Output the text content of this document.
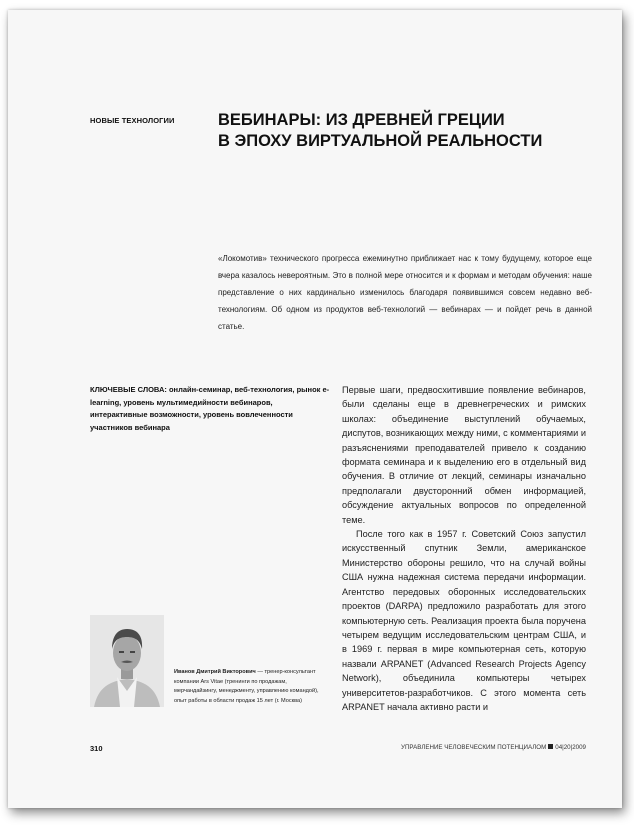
НОВЫЕ ТЕХНОЛОГИИ	ВЕБИНАРЫ: ИЗ ДРЕВНЕЙ ГРЕЦИИ
В ЭПОХУ ВИРТУАЛЬНОЙ РЕАЛЬНОСТИ
«Локомотив» технического прогресса ежеминутно приближает нас к тому будущему, которое еще вчера казалось невероятным. Это в полной мере относится и к формам и методам обучения: наше представление о них кардинально изменилось благодаря появившимся совсем недавно веб-технологиям. Об одном из продуктов веб-технологий — вебинарах — и пойдет речь в данной статье.
КЛЮЧЕВЫЕ СЛОВА: онлайн-семинар, веб-технология, рынок e-learning, уровень мультимедийности вебинаров, интерактивные возможности, уровень вовлеченности участников вебинара

Первые шаги, предвосхитившие появление вебинаров, были сделаны еще в древнегреческих и римских школах: объединение выступлений обучаемых, диспутов, возникающих между ними, с комментариями и разъяснениями преподавателей привело к созданию формата семинара и к выделению его в отдельный вид обучения. В отличие от лекций, семинары изначально предполагали двусторонний обмен информацией, обсуждение актуальных вопросов по определенной теме.

После того как в 1957 г. Советский Союз запустил искусственный спутник Земли, американское Министерство обороны решило, что на случай войны США нужна надежная система передачи информации. Агентство передовых оборонных исследовательских проектов (DARPA) предложило разработать для этого компьютерную сеть. Реализация проекта была поручена четырем ведущим исследовательским центрам США, и в 1969 г. первая в мире компьютерная сеть, которую назвали ARPANET (Advanced Research Projects Agency Network), объединила компьютеры четырех университетов-разработчиков. С этого момента сеть ARPANET начала активно расти и

Иванов Дмитрий Викторович — тренер-консультант компании Ars Vitae (тренинги по продажам, мерчандайзингу, менеджменту, управлению командой), опыт работы в области продаж 15 лет (г. Москва)
310	УПРАВЛЕНИЕ ЧЕЛОВЕЧЕСКИМ ПОТЕНЦИАЛОМ 04|20|2009
